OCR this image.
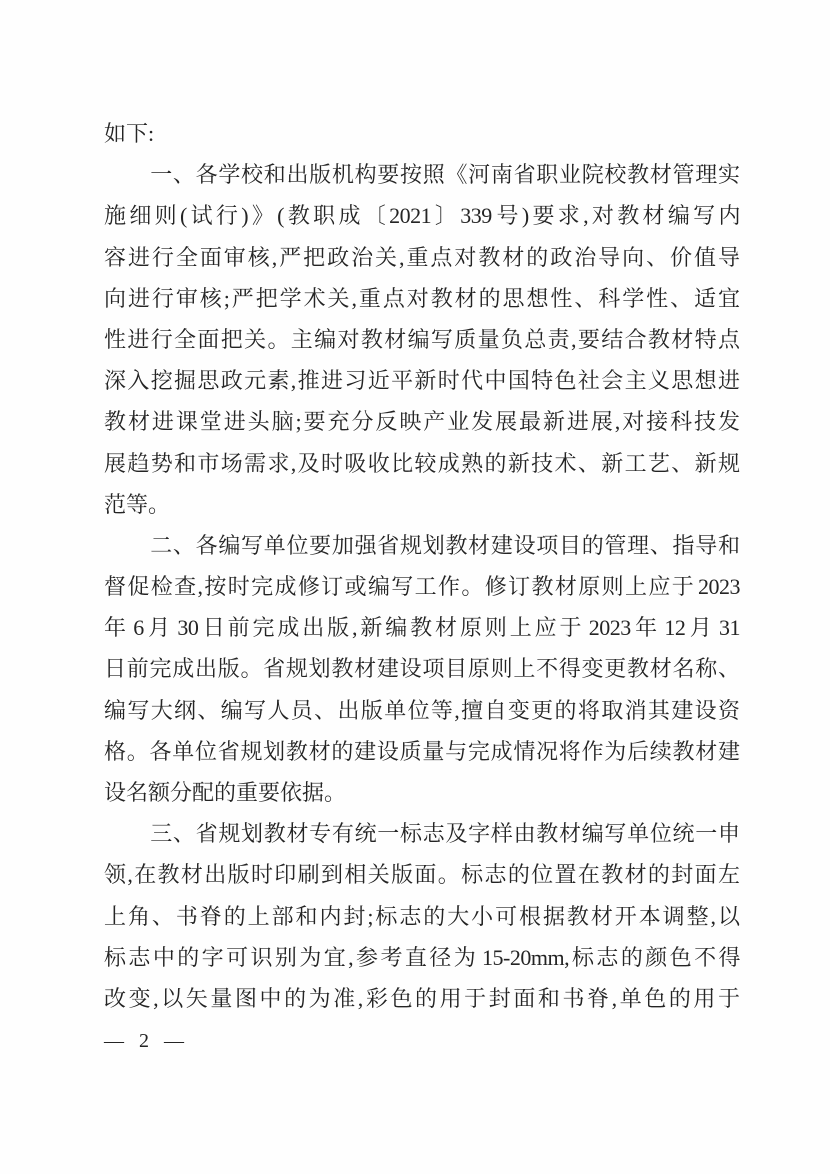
如下:
一、各学校和出版机构要按照《河南省职业院校教材管理实
施细则(试行)》(教职成〔2021〕339 号)要求,对教材编写内
容进行全面审核,严把政治关,重点对教材的政治导向、价值导
向进行审核;严把学术关,重点对教材的思想性、科学性、适宜
性进行全面把关。主编对教材编写质量负总责,要结合教材特点
深入挖掘思政元素,推进习近平新时代中国特色社会主义思想进
教材进课堂进头脑;要充分反映产业发展最新进展,对接科技发
展趋势和市场需求,及时吸收比较成熟的新技术、新工艺、新规
范等。
二、各编写单位要加强省规划教材建设项目的管理、指导和
督促检查,按时完成修订或编写工作。修订教材原则上应于 2023
年 6 月 30 日前完成出版,新编教材原则上应于 2023 年 12 月 31
日前完成出版。省规划教材建设项目原则上不得变更教材名称、
编写大纲、编写人员、出版单位等,擅自变更的将取消其建设资
格。各单位省规划教材的建设质量与完成情况将作为后续教材建
设名额分配的重要依据。
三、省规划教材专有统一标志及字样由教材编写单位统一申
领,在教材出版时印刷到相关版面。标志的位置在教材的封面左
上角、书脊的上部和内封;标志的大小可根据教材开本调整,以
标志中的字可识别为宜,参考直径为 15-20mm,标志的颜色不得
改变,以矢量图中的为准,彩色的用于封面和书脊,单色的用于
— 2 —
